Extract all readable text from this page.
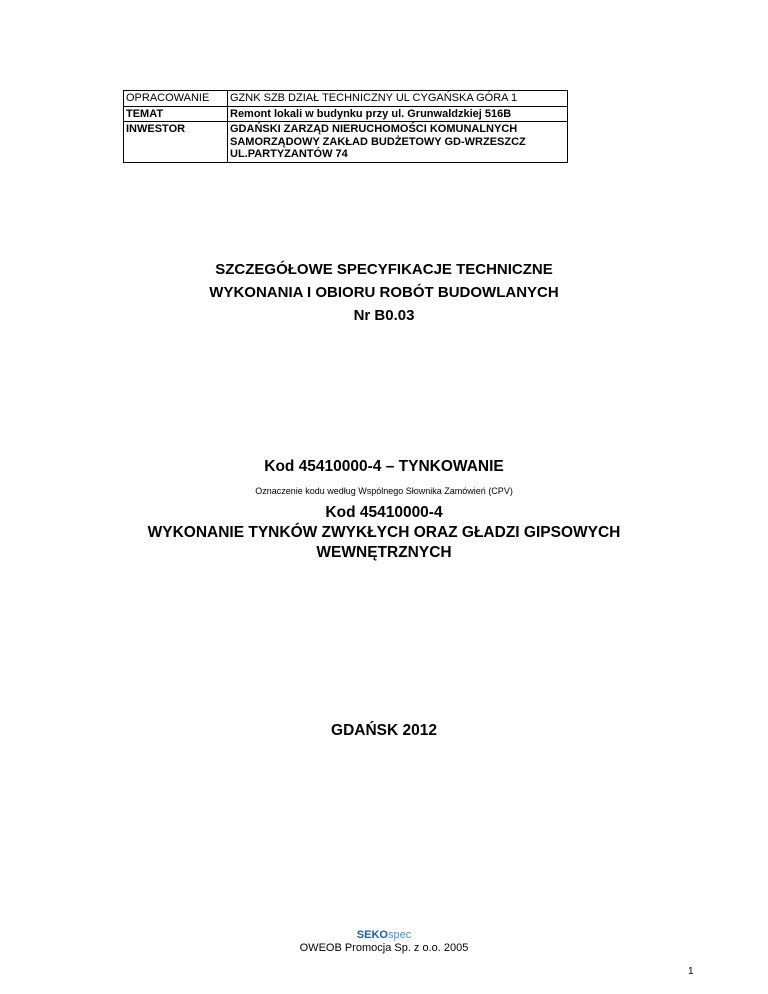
OPRACOWANIE	GZNK SZB DZIAŁ TECHNICZNY UL CYGAŃSKA GÓRA 1
TEMAT	Remont lokali w budynku przy ul. Grunwaldzkiej 516B
INWESTOR	GDAŃSKI ZARZĄD NIERUCHOMOŚCI KOMUNALNYCH SAMORZĄDOWY ZAKŁAD BUDŻETOWY GD-WRZESZCZ UL.PARTYZANTÓW 74
SZCZEGÓŁOWE SPECYFIKACJE TECHNICZNE
WYKONANIA I OBIORU ROBÓT BUDOWLANYCH
Nr B0.03
Kod 45410000-4 – TYNKOWANIE
Oznaczenie kodu według Wspólnego Słownika Zamówień (CPV)
Kod 45410000-4
WYKONANIE TYNKÓW ZWYKŁYCH ORAZ GŁADZI GIPSOWYCH
WEWNĘTRZNYCH
GDAŃSK 2012
SEKOspec
OWEOB Promocja Sp. z o.o. 2005
1
